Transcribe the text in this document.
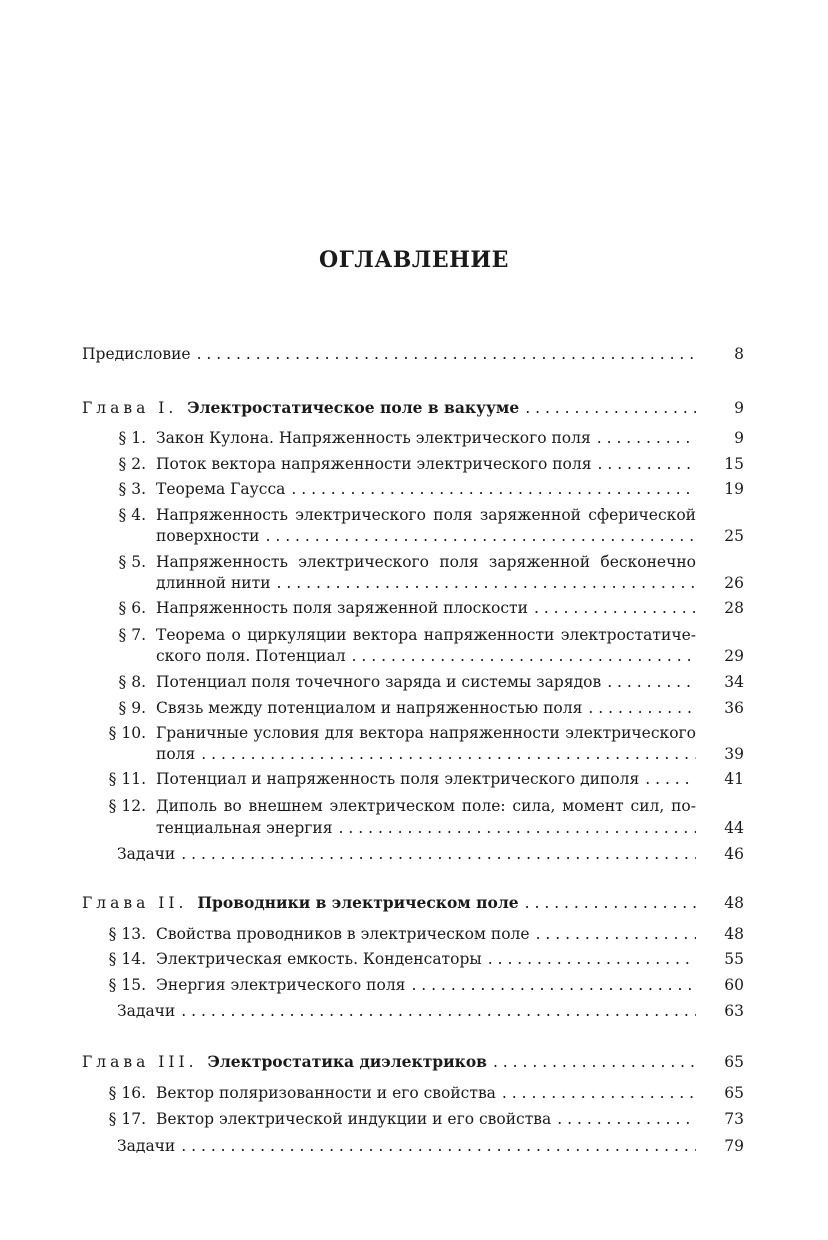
ОГЛАВЛЕНИЕ
Предисловие . . .	8
Глава I. Электростатическое поле в вакууме . . .	9
§ 1. Закон Кулона. Напряженность электрического поля . . .	9
§ 2. Поток вектора напряженности электрического поля . . .	15
§ 3. Теорема Гаусса . . .	19
§ 4. Напряженность электрического поля заряженной сферической
поверхности . . .	25
§ 5. Напряженность электрического поля заряженной бесконечно
длинной нити . . .	26
§ 6. Напряженность поля заряженной плоскости . . .	28
§ 7. Теорема о циркуляции вектора напряженности электростатиче-
ского поля. Потенциал . . .	29
§ 8. Потенциал поля точечного заряда и системы зарядов . . .	34
§ 9. Связь между потенциалом и напряженностью поля . . .	36
§ 10. Граничные условия для вектора напряженности электрического
поля . . .	39
§ 11. Потенциал и напряженность поля электрического диполя . . .	41
§ 12. Диполь во внешнем электрическом поле: сила, момент сил, по-
тенциальная энергия . . .	44
Задачи . . .	46
Глава II. Проводники в электрическом поле . . .	48
§ 13. Свойства проводников в электрическом поле . . .	48
§ 14. Электрическая емкость. Конденсаторы . . .	55
§ 15. Энергия электрического поля . . .	60
Задачи . . .	63
Глава III. Электростатика диэлектриков . . .	65
§ 16. Вектор поляризованности и его свойства . . .	65
§ 17. Вектор электрической индукции и его свойства . . .	73
Задачи . . .	79
